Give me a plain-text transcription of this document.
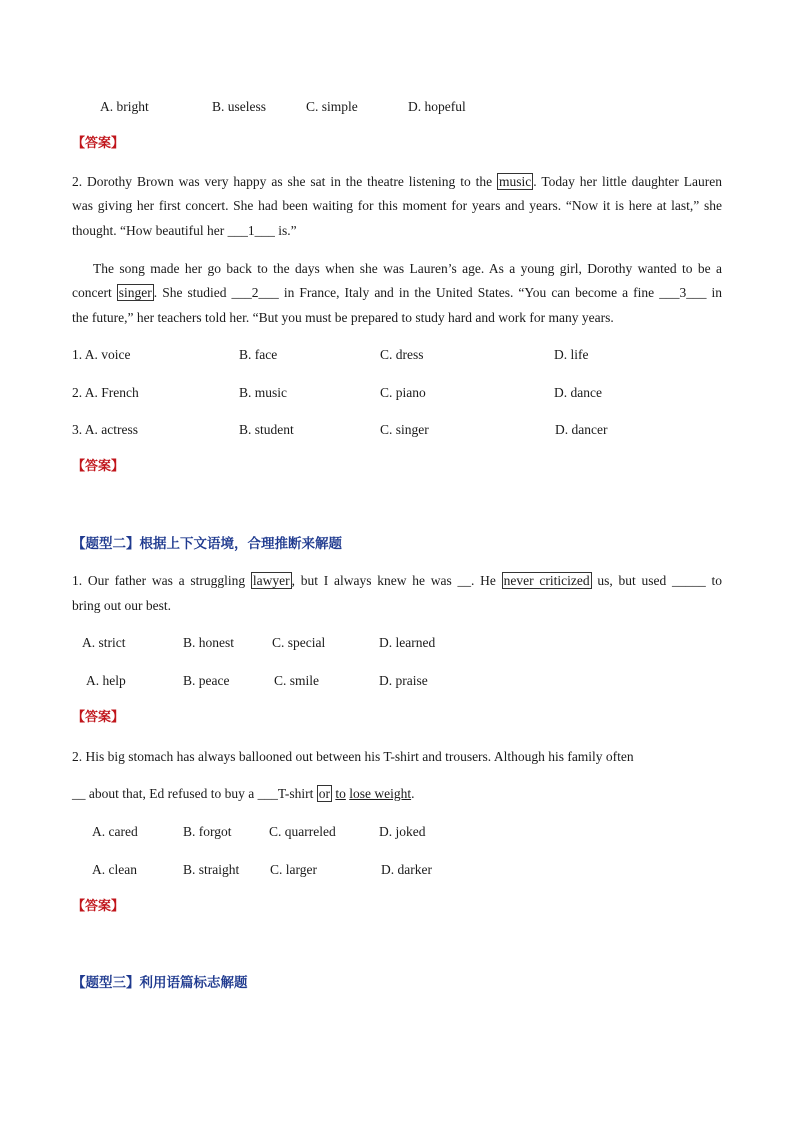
A. bright	B. useless	C. simple	D. hopeful
【答案】
2. Dorothy Brown was very happy as she sat in the theatre listening to the music . Today her little daughter Lauren
was giving her first concert. She had been waiting for this moment for years and years. “Now it is here at last,” she
thought. “How beautiful her ___1___ is.”
The song made her go back to the days when she was Lauren’s age. As a young girl, Dorothy wanted to be a
concert singer . She studied ___2___ in France, Italy and in the United States. “You can become a fine ___3___ in
the future,” her teachers told her. “But you must be prepared to study hard and work for many years.
1. A. voice	B. face	C. dress	D. life
2. A. French	B. music	C. piano	D. dance
3. A. actress	B. student	C. singer	D. dancer
【答案】
【题型二】根据上下文语境，合理推断来解题
1. Our father was a struggling lawyer , but I always knew he was __. He never criticized us, but used _____ to
bring out our best.
A. strict	B. honest	C. special	D. learned
A. help	B. peace	C. smile	D. praise
【答案】
2. His big stomach has always ballooned out between his T-shirt and trousers. Although his family often
__ about that, Ed refused to buy a ___T-shirt or to lose weight.
A. cared	B. forgot	C. quarreled	D. joked
A. clean	B. straight C. larger	D. darker
【答案】
【题型三】利用语篇标志解题
